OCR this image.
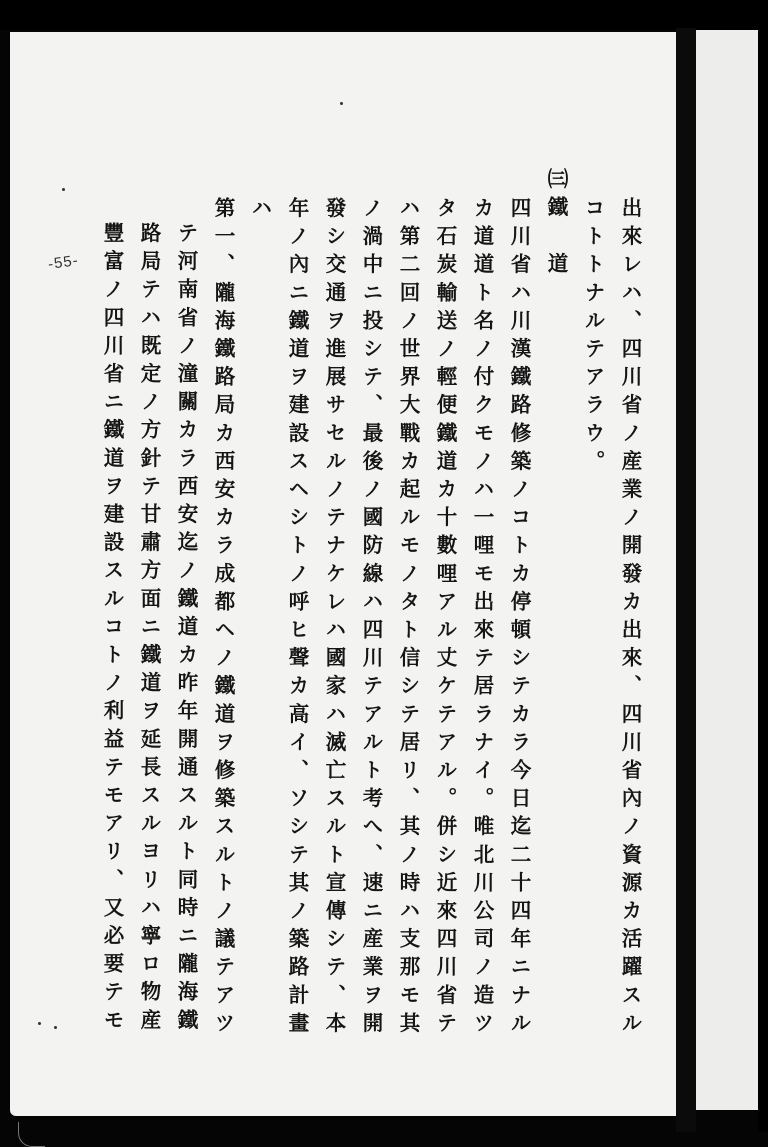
出來レハ、四川省ノ産業ノ開發カ出來、四川省內ノ資源カ活躍スル
コトトナルテアラウ。
㈢鐵　道
四川省ハ川漢鐵路修築ノコトカ停頓シテカラ今日迄二十四年ニナル
カ道道ト名ノ付クモノハ一哩モ出來テ居ラナイ。唯北川公司ノ造ツ
タ石炭輸送ノ輕便鐵道カ十數哩アル丈ケテアル。併シ近來四川省テ
ハ第二回ノ世界大戰カ起ルモノタト信シテ居リ、其ノ時ハ支那モ其
ノ渦中ニ投シテ、最後ノ國防線ハ四川テアルト考へ、速ニ産業ヲ開
發シ交通ヲ進展サセルノテナケレハ國家ハ滅亡スルト宣傳シテ、本
年ノ內ニ鐵道ヲ建設スヘシトノ呼ヒ聲カ高イ、ソシテ其ノ築路計畫
ハ
第一、隴海鐵路局カ西安カラ成都ヘノ鐵道ヲ修築スルトノ議テアツ
テ河南省ノ潼關カラ西安迄ノ鐵道カ昨年開通スルト同時ニ隴海鐵
路局テハ既定ノ方針テ甘肅方面ニ鐵道ヲ延長スルヨリハ寧ロ物産
豐富ノ四川省ニ鐵道ヲ建設スルコトノ利益テモアリ、又必要テモ
-55-
